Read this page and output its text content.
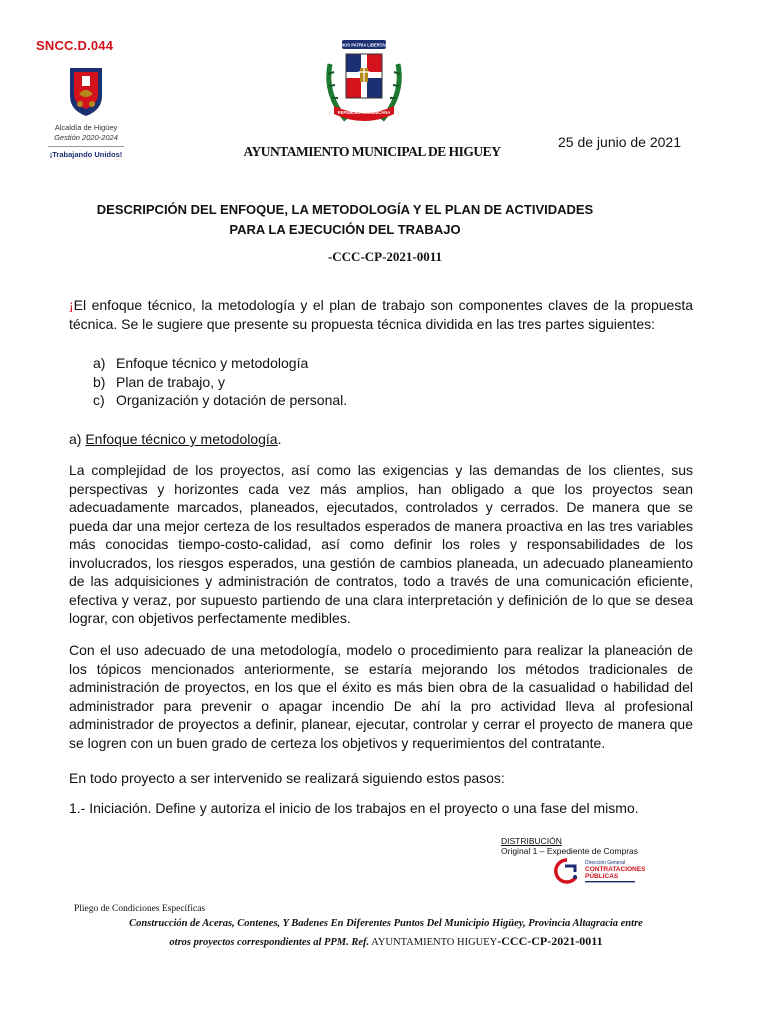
SNCC.D.044
Alcaldía de Higüey
Gestión 2020-2024
¡Trabajando Unidos!
DIOS PATRIA LIBERTAD
REPÚBLICA DOMINICANA
AYUNTAMIENTO MUNICIPAL DE HIGUEY
25 de junio de 2021
DESCRIPCIÓN DEL ENFOQUE, LA METODOLOGÍA Y EL PLAN DE ACTIVIDADES
PARA LA EJECUCIÓN DEL TRABAJO
-CCC-CP-2021-0011

¡El enfoque técnico, la metodología y el plan de trabajo son componentes claves de la propuesta técnica. Se le sugiere que presente su propuesta técnica dividida en las tres partes siguientes:

a) Enfoque técnico y metodología
b) Plan de trabajo, y
c) Organización y dotación de personal.

a) Enfoque técnico y metodología.

La complejidad de los proyectos, así como las exigencias y las demandas de los clientes, sus perspectivas y horizontes cada vez más amplios, han obligado a que los proyectos sean adecuadamente marcados, planeados, ejecutados, controlados y cerrados. De manera que se pueda dar una mejor certeza de los resultados esperados de manera proactiva en las tres variables más conocidas tiempo-costo-calidad, así como definir los roles y responsabilidades de los involucrados, los riesgos esperados, una gestión de cambios planeada, un adecuado planeamiento de las adquisiciones y administración de contratos, todo a través de una comunicación eficiente, efectiva y veraz, por supuesto partiendo de una clara interpretación y definición de lo que se desea lograr, con objetivos perfectamente medibles.

Con el uso adecuado de una metodología, modelo o procedimiento para realizar la planeación de los tópicos mencionados anteriormente, se estaría mejorando los métodos tradicionales de administración de proyectos, en los que el éxito es más bien obra de la casualidad o habilidad del administrador para prevenir o apagar incendio De ahí la pro actividad lleva al profesional administrador de proyectos a definir, planear, ejecutar, controlar y cerrar el proyecto de manera que se logren con un buen grado de certeza los objetivos y requerimientos del contratante.

En todo proyecto a ser intervenido se realizará siguiendo estos pasos:

1.- Iniciación. Define y autoriza el inicio de los trabajos en el proyecto o una fase del mismo.

DISTRIBUCIÓN
Original 1 – Expediente de Compras
Dirección General
CONTRATACIONES
PÚBLICAS
Pliego de Condiciones Específicas
Construcción de Aceras, Contenes, Y Badenes En Diferentes Puntos Del Municipio Higüey, Provincia Altagracia entre
otros proyectos correspondientes al PPM. Ref. AYUNTAMIENTO HIGUEY-CCC-CP-2021-0011
